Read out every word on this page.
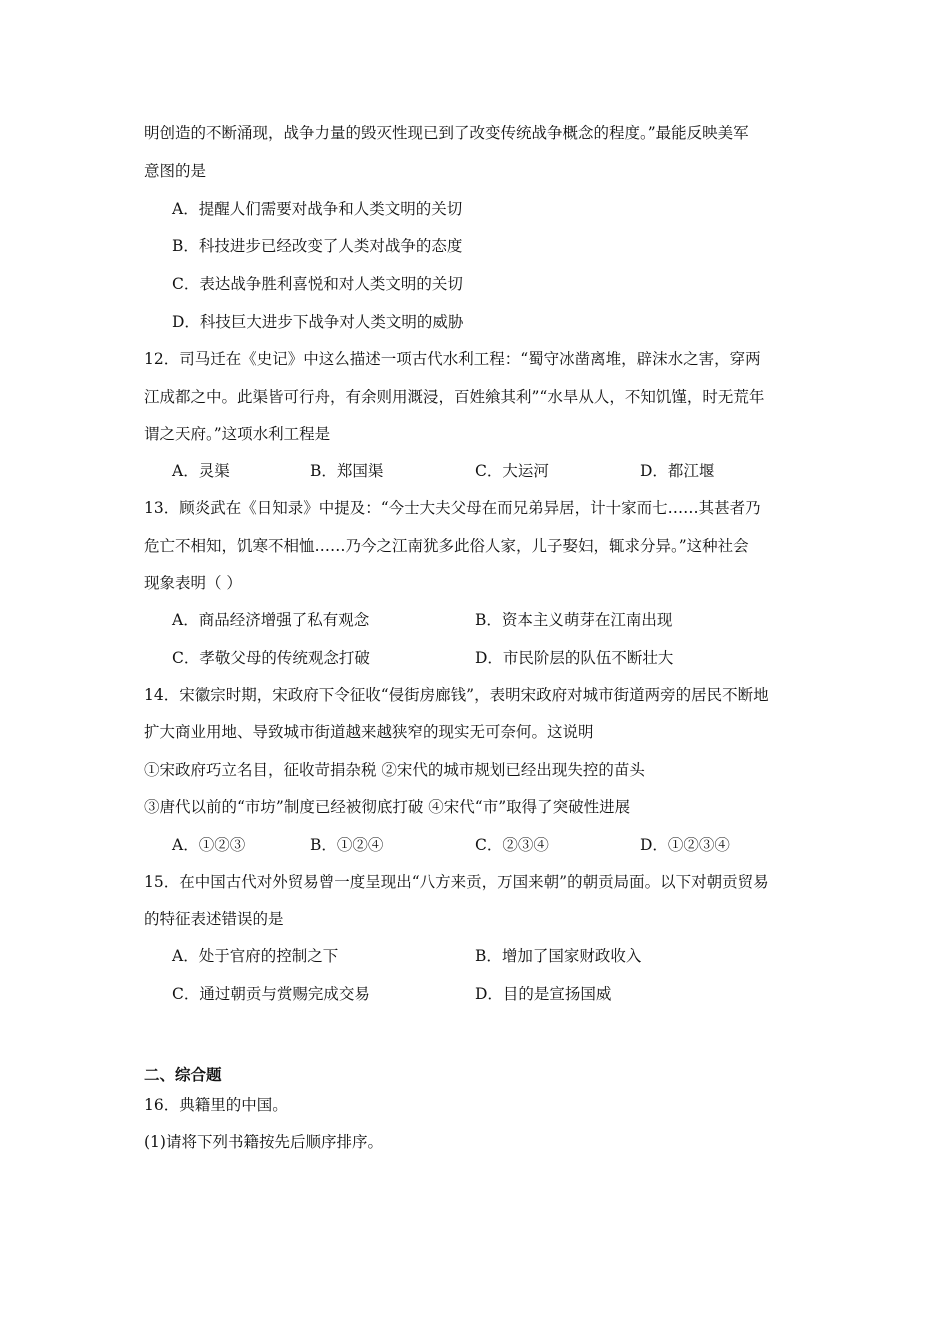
明创造的不断涌现，战争力量的毁灭性现已到了改变传统战争概念的程度。”最能反映美军
意图的是
A．提醒人们需要对战争和人类文明的关切
B．科技进步已经改变了人类对战争的态度
C．表达战争胜利喜悦和对人类文明的关切
D．科技巨大进步下战争对人类文明的威胁
12．司马迁在《史记》中这么描述一项古代水利工程：“蜀守冰凿离堆，辟沫水之害，穿两
江成都之中。此渠皆可行舟，有余则用溉浸，百姓飨其利”“水旱从人，不知饥馑，时无荒年
谓之天府。”这项水利工程是
A．灵渠	B．郑国渠	C．大运河	D．都江堰
13．顾炎武在《日知录》中提及：“今士大夫父母在而兄弟异居，计十家而七……其甚者乃
危亡不相知，饥寒不相恤……乃今之江南犹多此俗人家，儿子娶妇，辄求分异。”这种社会
现象表明（ ）
A．商品经济增强了私有观念	B．资本主义萌芽在江南出现
C．孝敬父母的传统观念打破	D．市民阶层的队伍不断壮大
14．宋徽宗时期，宋政府下令征收“侵街房廊钱”，表明宋政府对城市街道两旁的居民不断地
扩大商业用地、导致城市街道越来越狭窄的现实无可奈何。这说明
①宋政府巧立名目，征收苛捐杂税 ②宋代的城市规划已经出现失控的苗头
③唐代以前的“市坊”制度已经被彻底打破 ④宋代“市”取得了突破性进展
A．①②③	B．①②④	C．②③④	D．①②③④
15．在中国古代对外贸易曾一度呈现出“八方来贡，万国来朝”的朝贡局面。以下对朝贡贸易
的特征表述错误的是
A．处于官府的控制之下	B．增加了国家财政收入
C．通过朝贡与赏赐完成交易	D．目的是宣扬国威
二、综合题
16．典籍里的中国。
(1)请将下列书籍按先后顺序排序。
